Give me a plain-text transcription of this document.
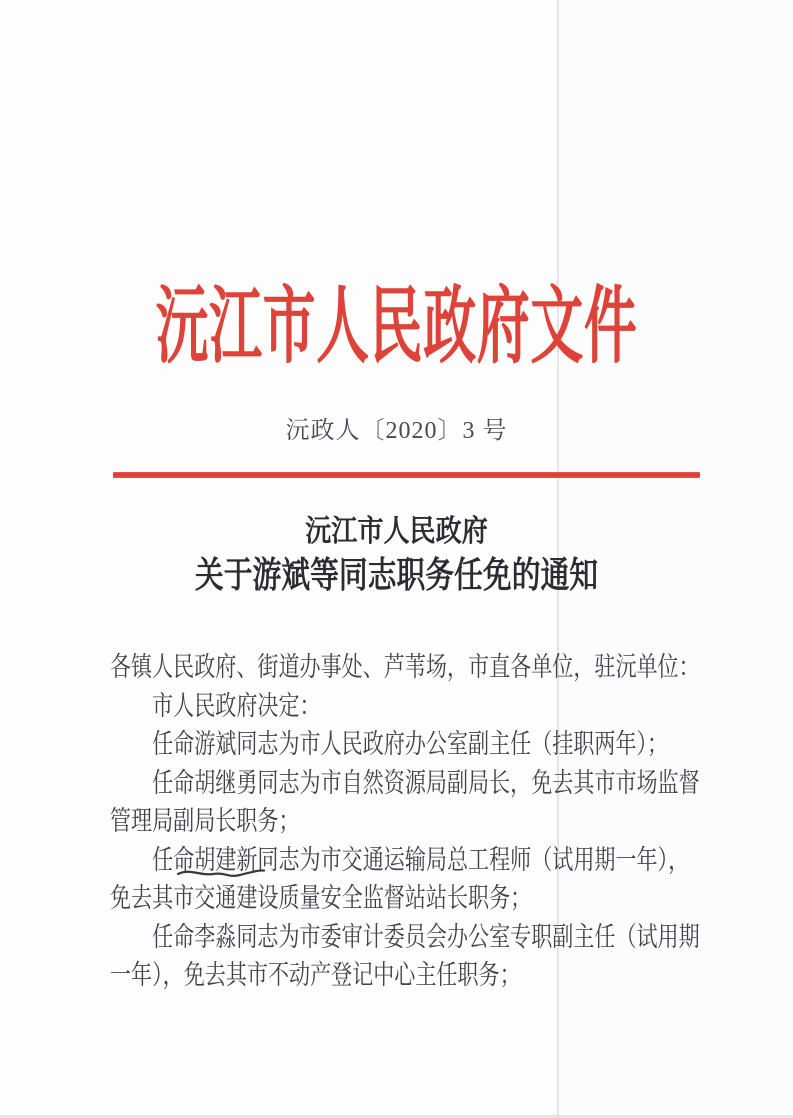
沅江市人民政府文件
沅政人〔2020〕3 号
沅江市人民政府
关于游斌等同志职务任免的通知
各镇人民政府、街道办事处、芦苇场，市直各单位，驻沅单位：
市人民政府决定：
任命游斌同志为市人民政府办公室副主任（挂职两年）；
任命胡继勇同志为市自然资源局副局长，免去其市市场监督
管理局副局长职务；
任命胡建新同志为市交通运输局总工程师（试用期一年），
免去其市交通建设质量安全监督站站长职务；
任命李淼同志为市委审计委员会办公室专职副主任（试用期
一年），免去其市不动产登记中心主任职务；
